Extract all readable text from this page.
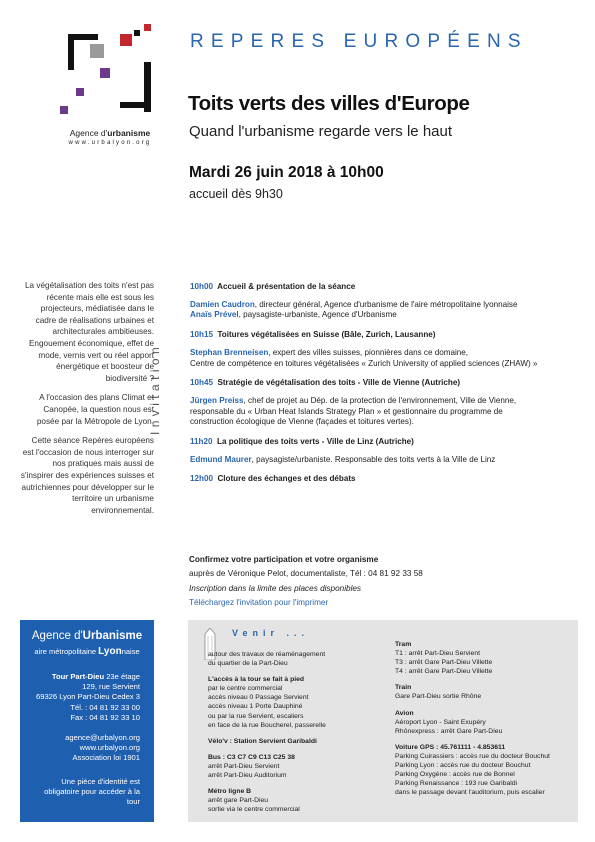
Agence d'urbanisme
www.urbalyon.org
Invitation
REPERES EUROPÉENS
Toits verts des villes d'Europe
Quand l'urbanisme regarde vers le haut
Mardi 26 juin 2018 à 10h00
accueil dès 9h30

La végétalisation des toits n'est pas récente mais elle est sous les projecteurs, médiatisée dans le cadre de réalisations urbaines et architecturales ambitieuses. Engouement économique, effet de mode, vernis vert ou réel apport énergétique et boosteur de biodiversité ?

A l'occasion des plans Climat et Canopée, la question nous est posée par la Métropole de Lyon.

Cette séance Repères européens est l'occasion de nous interroger sur nos pratiques mais aussi de s'inspirer des expériences suisses et autrichiennes pour développer sur le territoire un urbanisme environnemental.

10h00 Accueil & présentation de la séance
Damien Caudron, directeur général, Agence d'urbanisme de l'aire métropolitaine lyonnaise
Anaïs Prével, paysagiste-urbaniste, Agence d'Urbanisme
10h15 Toitures végétalisées en Suisse (Bâle, Zurich, Lausanne)
Stephan Brenneisen, expert des villes suisses, pionnières dans ce domaine,
Centre de compétence en toitures végétalisées « Zurich University of applied sciences (ZHAW) »
10h45 Stratégie de végétalisation des toits - Ville de Vienne (Autriche)
Jürgen Preiss, chef de projet au Dép. de la protection de l'environnement, Ville de Vienne,
responsable du « Urban Heat Islands Strategy Plan » et gestionnaire du programme de
construction écologique de Vienne (façades et toitures vertes).
11h20 La politique des toits verts - Ville de Linz (Autriche)
Edmund Maurer, paysagiste/urbaniste. Responsable des toits verts à la Ville de Linz
12h00 Cloture des échanges et des débats
Confirmez votre participation et votre organisme
auprès de Véronique Pelot, documentaliste, Tél : 04 81 92 33 58
Inscription dans la limite des places disponibles
Téléchargez l'invitation pour l'imprimer
Agence d'Urbanisme
aire métropolitaine Lyonnaise
Tour Part-Dieu 23e étage
129, rue Servient
69326 Lyon Part-Dieu Cedex 3
Tél. : 04 81 92 33 00
Fax : 04 81 92 33 10
agence@urbalyon.org
www.urbalyon.org
Association loi 1901
Une pièce d'identité est obligatoire pour accéder à la tour
Venir ...
autour des travaux de réaménagement
du quartier de la Part-Dieu
L'accès à la tour se fait à pied
par le centre commercial
accès niveau 0 Passage Servient
accès niveau 1 Porte Dauphiné
ou par la rue Servient, escaliers
en face de la rue Boucherel, passerelle
Vélo'v : Station Servient Garibaldi
Bus : C3 C7 C9 C13 C25 38
arrêt Part-Dieu Servient
arrêt Part-Dieu Auditorium
Métro ligne B
arrêt gare Part-Dieu
sortie via le centre commercial
Tram
T1 : arrêt Part-Dieu Servient
T3 : arrêt Gare Part-Dieu Villette
T4 : arrêt Gare Part-Dieu Villette
Train
Gare Part-Dieu sortie Rhône
Avion
Aéroport Lyon - Saint Exupéry
Rhônexpress : arrêt Gare Part-Dieu
Voiture GPS : 45.761111 - 4.853611
Parking Cuirassiers : accès rue du docteur Bouchut
Parking Lyon : accès rue du docteur Bouchut
Parking Oxygène : accès rue de Bonnel
Parking Renaissance : 193 rue Garibaldi
dans le passage devant l'auditorium, puis escalier
